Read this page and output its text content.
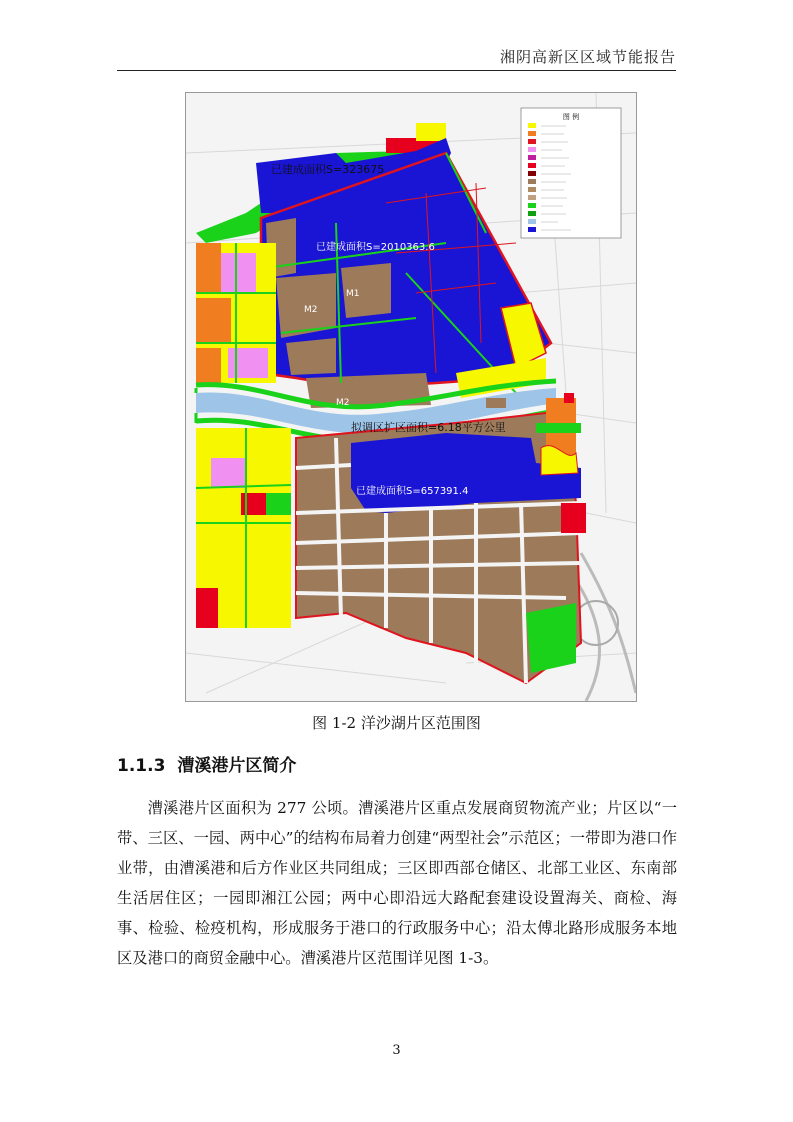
湘阴高新区区域节能报告
图 例
已建成面积S=323675
已建成面积S=2010363.6
拟调区扩区面积=6.18平方公里
已建成面积S=657391.4
M2
M1
M2
图 1-2 洋沙湖片区范围图
1.1.3 漕溪港片区简介
漕溪港片区面积为 277 公顷。漕溪港片区重点发展商贸物流产业；片区以“一带、三区、一园、两中心”的结构布局着力创建“两型社会”示范区；一带即为港口作业带，由漕溪港和后方作业区共同组成；三区即西部仓储区、北部工业区、东南部生活居住区；一园即湘江公园；两中心即沿远大路配套建设设置海关、商检、海事、检验、检疫机构，形成服务于港口的行政服务中心；沿太傅北路形成服务本地区及港口的商贸金融中心。漕溪港片区范围详见图 1-3。
3
